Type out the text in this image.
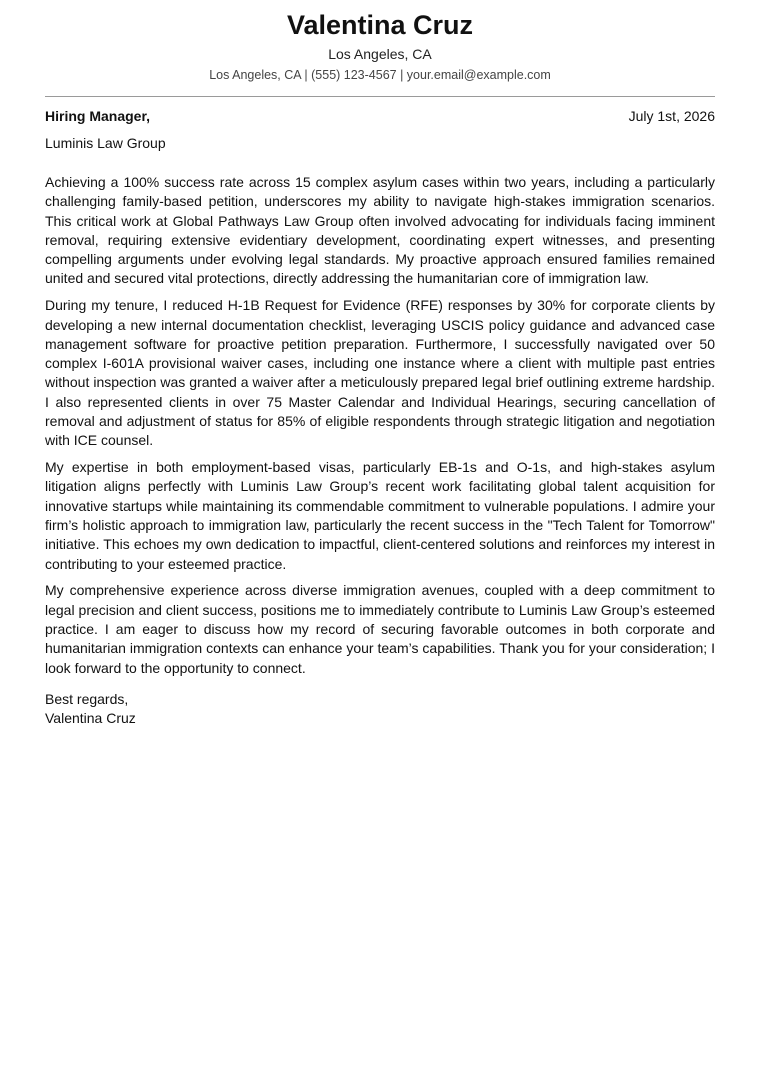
Valentina Cruz
Los Angeles, CA
Los Angeles, CA | (555) 123-4567 | your.email@example.com
Hiring Manager,	July 1st, 2026
Luminis Law Group

Achieving a 100% success rate across 15 complex asylum cases within two years, including a particularly challenging family-based petition, underscores my ability to navigate high-stakes immigration scenarios. This critical work at Global Pathways Law Group often involved advocating for individuals facing imminent removal, requiring extensive evidentiary development, coordinating expert witnesses, and presenting compelling arguments under evolving legal standards. My proactive approach ensured families remained united and secured vital protections, directly addressing the humanitarian core of immigration law.

During my tenure, I reduced H-1B Request for Evidence (RFE) responses by 30% for corporate clients by developing a new internal documentation checklist, leveraging USCIS policy guidance and advanced case management software for proactive petition preparation. Furthermore, I successfully navigated over 50 complex I-601A provisional waiver cases, including one instance where a client with multiple past entries without inspection was granted a waiver after a meticulously prepared legal brief outlining extreme hardship. I also represented clients in over 75 Master Calendar and Individual Hearings, securing cancellation of removal and adjustment of status for 85% of eligible respondents through strategic litigation and negotiation with ICE counsel.

My expertise in both employment-based visas, particularly EB-1s and O-1s, and high-stakes asylum litigation aligns perfectly with Luminis Law Group’s recent work facilitating global talent acquisition for innovative startups while maintaining its commendable commitment to vulnerable populations. I admire your firm’s holistic approach to immigration law, particularly the recent success in the "Tech Talent for Tomorrow" initiative. This echoes my own dedication to impactful, client-centered solutions and reinforces my interest in contributing to your esteemed practice.

My comprehensive experience across diverse immigration avenues, coupled with a deep commitment to legal precision and client success, positions me to immediately contribute to Luminis Law Group’s esteemed practice. I am eager to discuss how my record of securing favorable outcomes in both corporate and humanitarian immigration contexts can enhance your team’s capabilities. Thank you for your consideration; I look forward to the opportunity to connect.

Best regards,
Valentina Cruz
